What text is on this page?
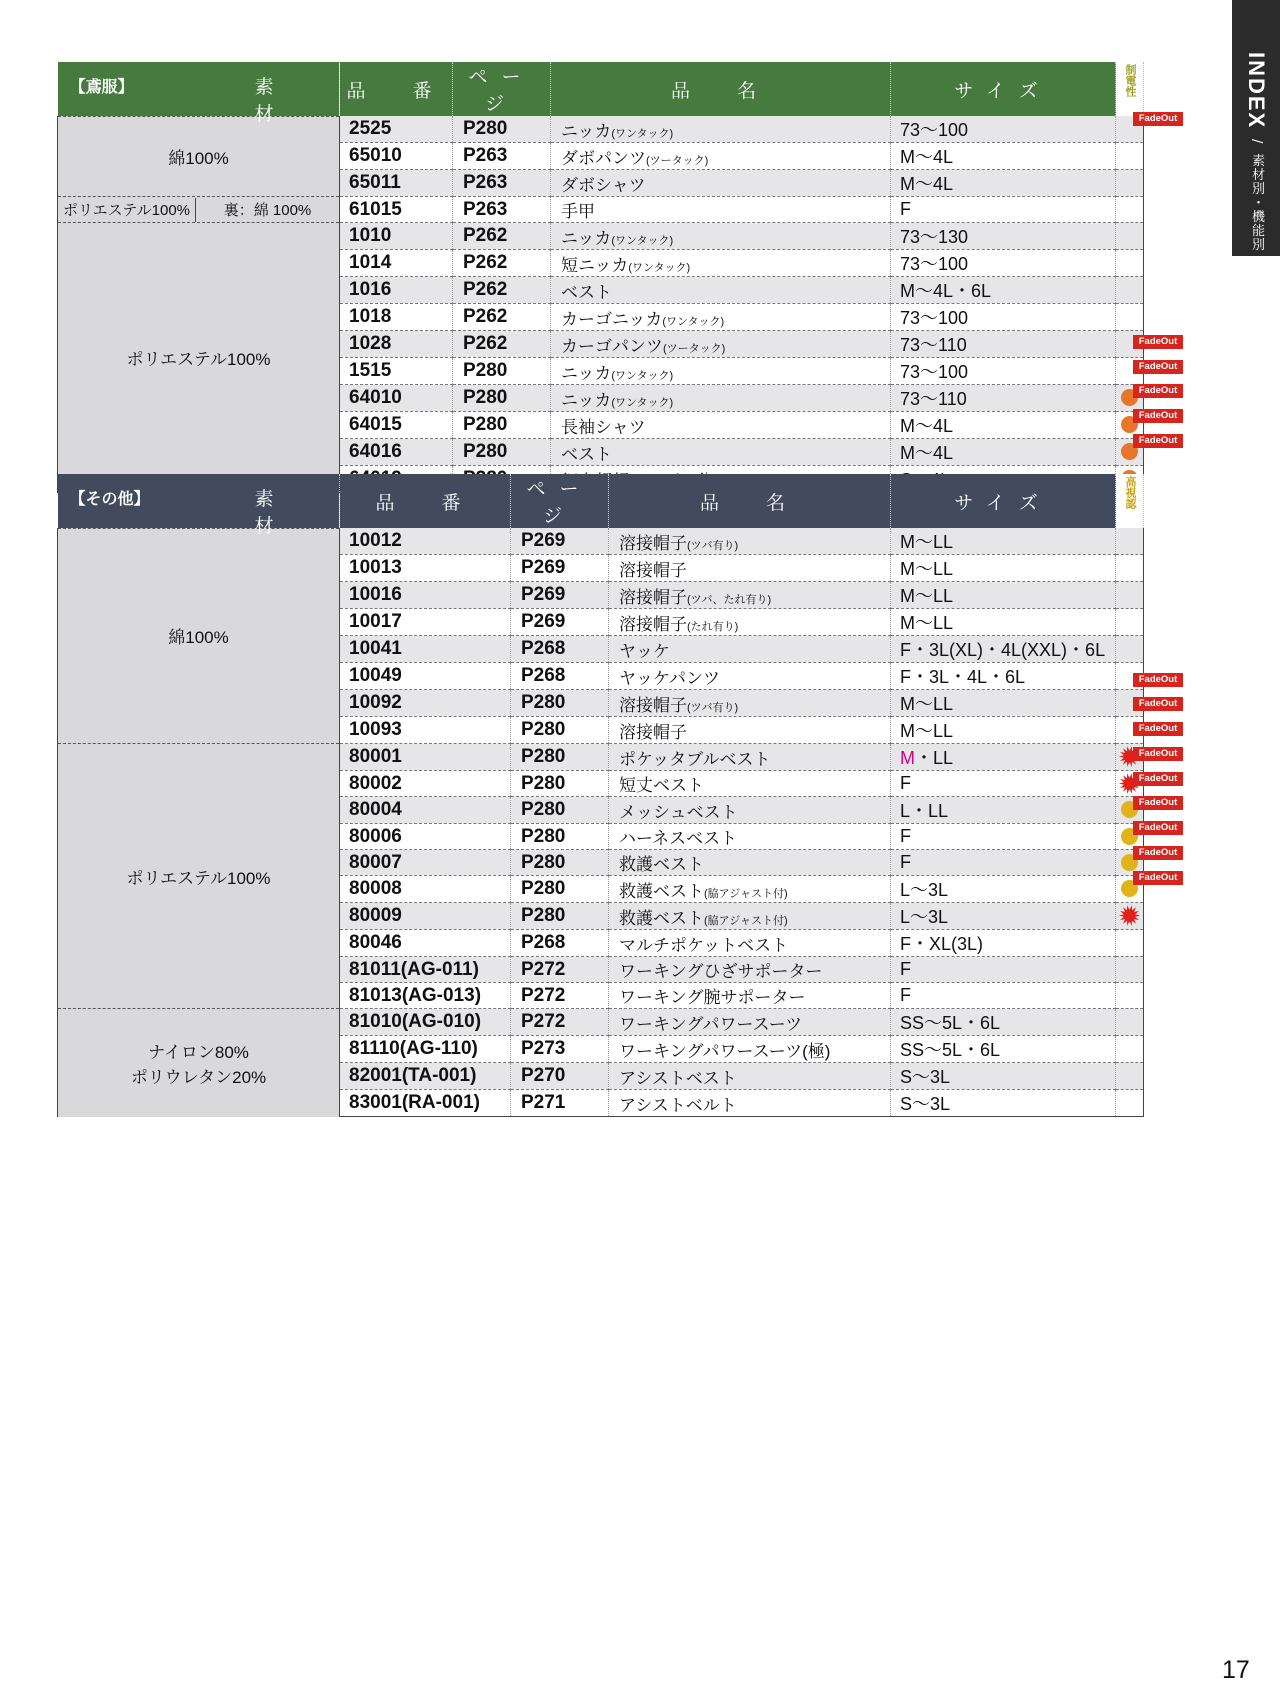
INDEX/素材別・機能別
【鳶服】 素　材	品　番	ページ	品　名	サイズ	制電性
綿100%	2525	P280	ニッカ(ワンタック)	73〜100	
	65010	P263	ダボパンツ(ツータック)	M〜4L	
	65011	P263	ダボシャツ	M〜4L	

ポリエステル100% 裏：綿 100%	61015	P263	手甲	F	
ポリエステル100%	1010	P262	ニッカ(ワンタック)	73〜130	
	1014	P262	短ニッカ(ワンタック)	73〜100	
	1016	P262	ベスト	M〜4L・6L	
	1018	P262	カーゴニッカ(ワンタック)	73〜100	
	1028	P262	カーゴパンツ(ツータック)	73〜110	
	1515	P280	ニッカ(ワンタック)	73〜100	
	64010	P280	ニッカ(ワンタック)	73〜110	
	64015	P280	長袖シャツ	M〜4L	
	64016	P280	ベスト	M〜4L	

【その他】 素　材	品　番	ページ	品　名	サイズ	高視認
綿100%	10012	P269	溶接帽子(ツバ有り)	M〜LL	
	10013	P269	溶接帽子	M〜LL	
	10016	P269	溶接帽子(ツバ、たれ有り)	M〜LL	
	10017	P269	溶接帽子(たれ有り)	M〜LL	
	10041	P268	ヤッケ	F・3L(XL)・4L(XXL)・6L	
	10049	P268	ヤッケパンツ	F・3L・4L・6L	
	10092	P280	溶接帽子(ツバ有り)	M〜LL	
	10093	P280	溶接帽子	M〜LL	
ポリエステル100%	80001	P280	ポケッタブルベスト	M・LL	
	80002	P280	短丈ベスト	F	
	80004	P280	メッシュベスト	L・LL	
	80006	P280	ハーネスベスト	F	
	80007	P280	救護ベスト	F	
	80008	P280	救護ベスト(脇アジャスト付)	L〜3L	
	80009	P280	救護ベスト(脇アジャスト付)	L〜3L	
	80046	P268	マルチポケットベスト	F・XL(3L)	
	81011(AG-011)	P272	ワーキングひざサポーター	F	
	81013(AG-013)	P272	ワーキング腕サポーター	F	
ナイロン80%
ポリウレタン20%	81010(AG-010)	P272	ワーキングパワースーツ	SS〜5L・6L	
	81110(AG-110)	P273	ワーキングパワースーツ(極)	SS〜5L・6L	
	82001(TA-001)	P270	アシストベスト	S〜3L	
	83001(RA-001)	P271	アシストベルト	S〜3L	
FadeOut
FadeOut
FadeOut
FadeOut
FadeOut
FadeOut
FadeOut
FadeOut
FadeOut
FadeOut
FadeOut
FadeOut
FadeOut
FadeOut
FadeOut
17
